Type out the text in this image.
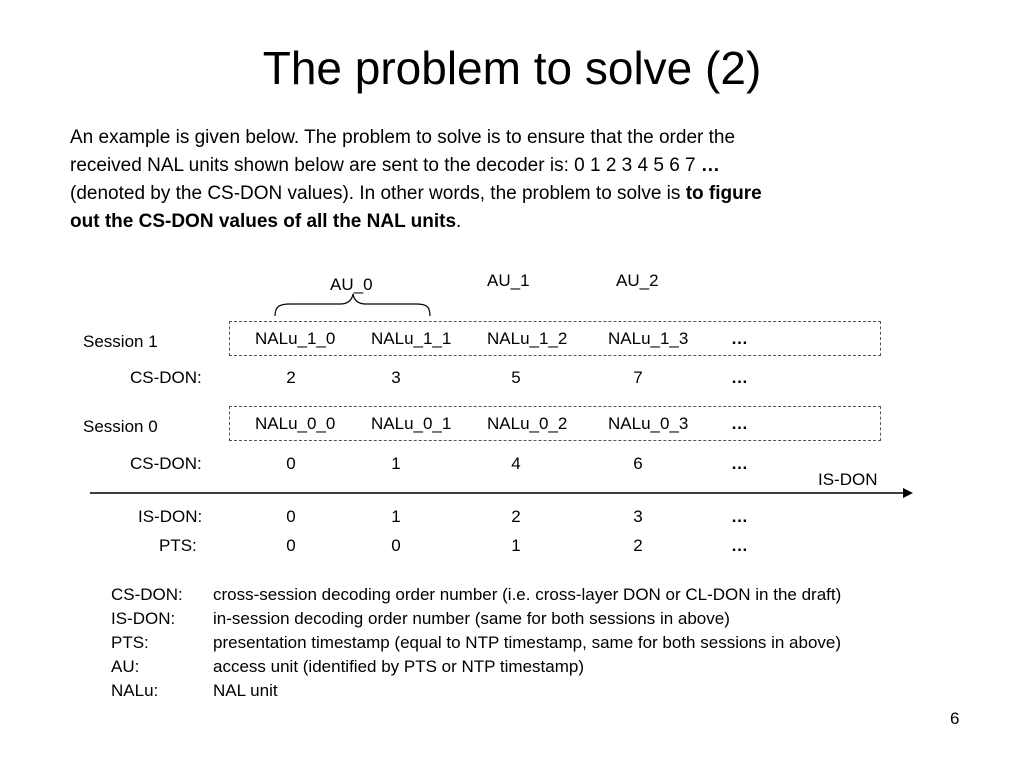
The problem to solve (2)
An example is given below. The problem to solve is to ensure that the order the
received NAL units shown below are sent to the decoder is: 0 1 2 3 4 5 6 7 …
(denoted by the CS-DON values). In other words, the problem to solve is to figure
out the CS-DON values of all the NAL units.
AU_0	AU_1	AU_2
Session 1	NALu_1_0 NALu_1_1 NALu_1_2 NALu_1_3	…
CS-DON:	2	3	5	7	…
Session 0	NALu_0_0 NALu_0_1 NALu_0_2 NALu_0_3	…
CS-DON:	0	1	4	6	…
IS-DON
IS-DON:	0	1	2	3	…
PTS:	0	0	1	2	…
CS-DON: cross-session decoding order number (i.e. cross-layer DON or CL-DON in the draft)
IS-DON: in-session decoding order number (same for both sessions in above)
PTS:	presentation timestamp (equal to NTP timestamp, same for both sessions in above)
AU:	access unit (identified by PTS or NTP timestamp)
NALu:	NAL unit
6
